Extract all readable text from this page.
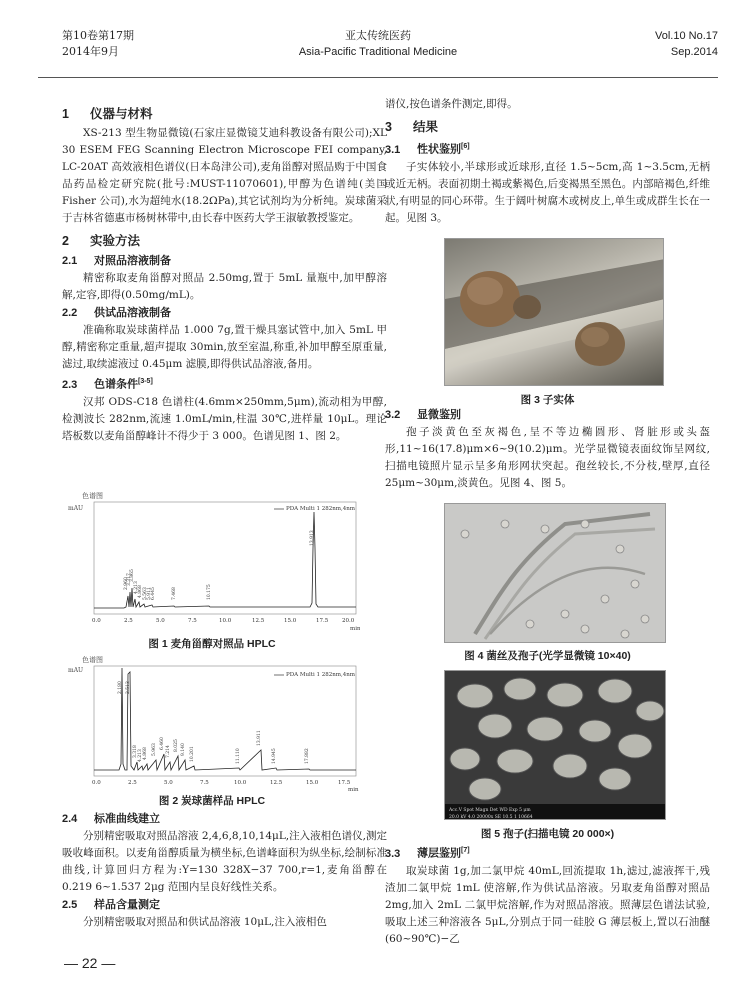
第10卷第17期
2014年9月
亚太传统医药
Asia-Pacific Traditional Medicine
Vol.10 No.17
Sep.2014
1 仪器与材料

XS-213 型生物显微镜(石家庄显微镜艾迪科教设备有限公司);XL 30 ESEM FEG Scanning Electron Microscope FEI company, LC-20AT 高效液相色谱仪(日本岛津公司),麦角甾醇对照品购于中国食品药品检定研究院(批号:MUST-11070601),甲醇为色谱纯(美国 Fisher 公司),水为超纯水(18.2ΩPa),其它试剂均为分析纯。炭球菌采于吉林省德惠市杨树林带中,由长春中医药大学王淑敏教授鉴定。

2 实验方法
2.1 对照品溶液制备

精密称取麦角甾醇对照品 2.50mg,置于 5mL 量瓶中,加甲醇溶解,定容,即得(0.50mg/mL)。

2.2 供试品溶液制备

准确称取炭球菌样品 1.000 7g,置干燥具塞试管中,加入 5mL 甲醇,精密称定重量,超声提取 30min,放至室温,称重,补加甲醇至原重量,滤过,取续滤液过 0.45μm 滤膜,即得供试品溶液,备用。

2.3 色谱条件[3-5]

汉邦 ODS-C18 色谱柱(4.6mm×250mm,5μm),流动相为甲醇,检测波长 282nm,流速 1.0mL/min,柱温 30℃,进样量 10μL。理论塔板数以麦角甾醇峰计不得少于 3 000。色谱见图 1、图 2。

色谱图
mAU	PDA Multi 1 282nm,4nm
2.960
3.317
3.865
4.213 4.868 5.563 5.911 6.445	7.468	10.175
13.913
0.0	2.5	5.0	7.5	10.0	12.5	15.0	17.5	20.0
min
图 1 麦角甾醇对照品 HPLC
色谱图
mAU
PDA Multi 1 282nm,4nm
2.180 2.513
3.318 4.213 4.868 5.963 6.460
7.214 8.025 9.140 10.201	11.110
13.911
14.945	17.882
0.0	2.5	5.0	7.5	10.0	12.5	15.0	17.5
min
图 2 炭球菌样品 HPLC
2.4 标准曲线建立

分别精密吸取对照品溶液 2,4,6,8,10,14μL,注入液相色谱仪,测定吸收峰面积。以麦角甾醇质量为横坐标,色谱峰面积为纵坐标,绘制标准曲线,计算回归方程为:Y=130 328X−37 700,r=1,麦角甾醇在 0.219 6~1.537 2μg 范围内呈良好线性关系。

2.5 样品含量测定

分别精密吸取对照品和供试品溶液 10μL,注入液相色

谱仪,按色谱条件测定,即得。

3 结果
3.1 性状鉴别[6]

子实体较小,半球形或近球形,直径 1.5~5cm,高 1~3.5cm,无柄或近无柄。表面初期土褐或紫褐色,后变褐黑至黑色。内部暗褐色,纤维状,有明显的同心环带。生于阔叶树腐木或树皮上,单生或成群生长在一起。见图 3。

图 3 子实体
3.2 显微鉴别

孢子淡黄色至灰褐色,呈不等边椭圆形、肾脏形或头盔形,11~16(17.8)μm×6~9(10.2)μm。光学显微镜表面纹饰呈网纹,扫描电镜照片显示呈多角形网状突起。孢丝较长,不分枝,壁厚,直径 25μm~30μm,淡黄色。见图 4、图 5。

图 4 菌丝及孢子(光学显微镜 10×40)
Acc.V Spot Magn Det WD Exp 5 μm
20.0 kV 4.0 20000x SE 10.5 1 10664
图 5 孢子(扫描电镜 20 000×)
3.3 薄层鉴别[7]

取炭球菌 1g,加二氯甲烷 40mL,回流提取 1h,滤过,滤液挥干,残渣加二氯甲烷 1mL 使溶解,作为供试品溶液。另取麦角甾醇对照品 2mg,加入 2mL 二氯甲烷溶解,作为对照品溶液。照薄层色谱法试验,吸取上述三种溶液各 5μL,分别点于同一硅胶 G 薄层板上,置以石油醚(60~90℃)−乙

— 22 —
